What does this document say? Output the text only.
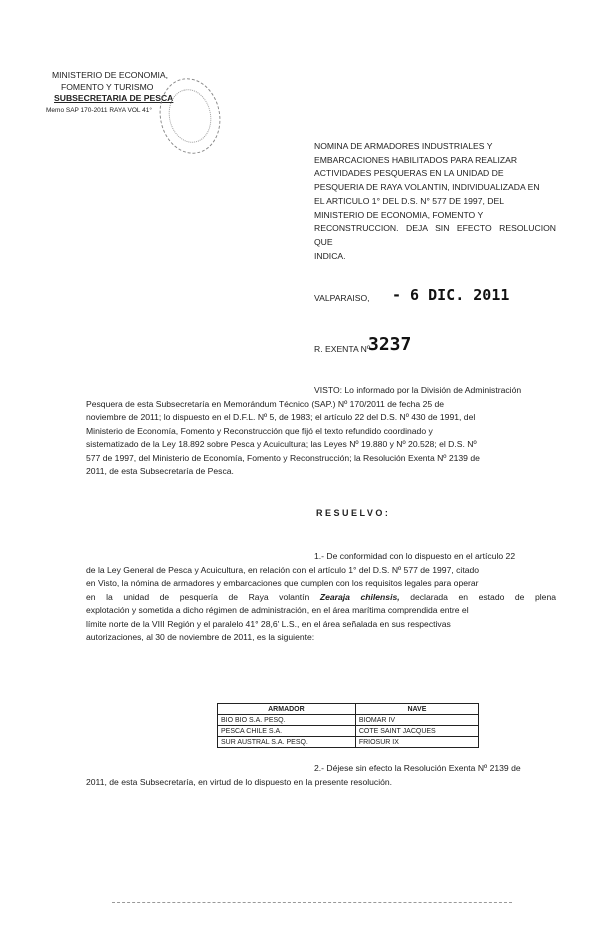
MINISTERIO DE ECONOMIA,
FOMENTO Y TURISMO
SUBSECRETARIA DE PESCA
Memo SAP 170-2011 RAYA VOL 41°
NOMINA DE ARMADORES INDUSTRIALES Y
EMBARCACIONES HABILITADOS PARA REALIZAR
ACTIVIDADES PESQUERAS EN LA UNIDAD DE
PESQUERIA DE RAYA VOLANTIN, INDIVIDUALIZADA EN
EL ARTICULO 1° DEL D.S. N° 577 DE 1997, DEL
MINISTERIO DE ECONOMIA, FOMENTO Y
RECONSTRUCCION. DEJA SIN EFECTO RESOLUCION QUE
INDICA.
VALPARAISO, - 6 DIC. 2011
R. EXENTA Nº
3237
VISTO: Lo informado por la División de Administración
Pesquera de esta Subsecretaría en Memorándum Técnico (SAP.) Nº 170/2011 de fecha 25 de
noviembre de 2011; lo dispuesto en el D.F.L. Nº 5, de 1983; el artículo 22 del D.S. Nº 430 de 1991, del
Ministerio de Economía, Fomento y Reconstrucción que fijó el texto refundido coordinado y
sistematizado de la Ley 18.892 sobre Pesca y Acuicultura; las Leyes Nº 19.880 y Nº 20.528; el D.S. Nº
577 de 1997, del Ministerio de Economía, Fomento y Reconstrucción; la Resolución Exenta Nº 2139 de
2011, de esta Subsecretaría de Pesca.
RESUELVO:
1.- De conformidad con lo dispuesto en el artículo 22
de la Ley General de Pesca y Acuicultura, en relación con el artículo 1° del D.S. Nº 577 de 1997, citado
en Visto, la nómina de armadores y embarcaciones que cumplen con los requisitos legales para operar
en la unidad de pesquería de Raya volantín Zearaja chilensis, declarada en estado de plena
explotación y sometida a dicho régimen de administración, en el área marítima comprendida entre el
límite norte de la VIII Región y el paralelo 41° 28,6' L.S., en el área señalada en sus respectivas
autorizaciones, al 30 de noviembre de 2011, es la siguiente:
ARMADOR	NAVE
BIO BIO S.A. PESQ.	BIOMAR IV
PESCA CHILE S.A.	COTE SAINT JACQUES
SUR AUSTRAL S.A. PESQ.	FRIOSUR IX
2.- Déjese sin efecto la Resolución Exenta Nº 2139 de
2011, de esta Subsecretaría, en virtud de lo dispuesto en la presente resolución.
